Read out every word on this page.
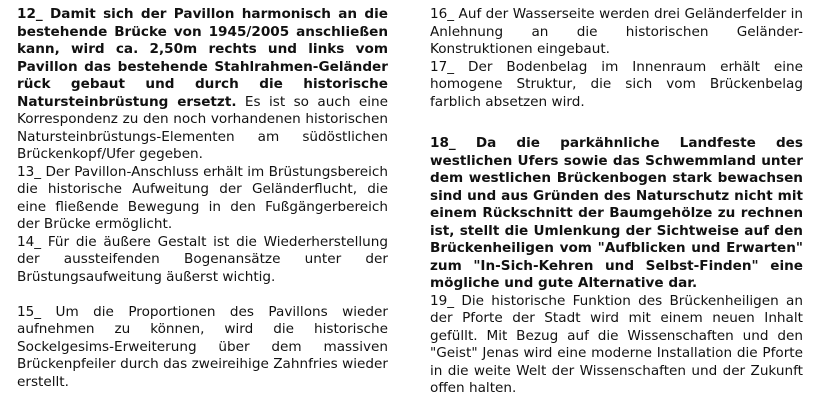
12_ Damit sich der Pavillon harmonisch an die bestehende Brücke von 1945/2005 anschließen kann, wird ca. 2,50m rechts und links vom Pavillon das bestehende Stahlrahmen-Geländer rück gebaut und durch die historische Natursteinbrüstung ersetzt. Es ist so auch eine Korrespondenz zu den noch vorhandenen historischen Natursteinbrüstungs-Elementen am südöstlichen Brückenkopf/Ufer gegeben.

13_ Der Pavillon-Anschluss erhält im Brüstungsbereich die historische Aufweitung der Geländerflucht, die eine fließende Bewegung in den Fußgängerbereich der Brücke ermöglicht.

14_ Für die äußere Gestalt ist die Wiederherstellung der aussteifenden Bogenansätze unter der Brüstungsaufweitung äußerst wichtig.

15_ Um die Proportionen des Pavillons wieder aufnehmen zu können, wird die historische Sockelgesims-Erweiterung über dem massiven Brückenpfeiler durch das zweireihige Zahnfries wieder erstellt.

16_ Auf der Wasserseite werden drei Geländerfelder in Anlehnung an die historischen Geländer-Konstruktionen eingebaut.

17_ Der Bodenbelag im Innenraum erhält eine homogene Struktur, die sich vom Brückenbelag farblich absetzen wird.

18_ Da die parkähnliche Landfeste des westlichen Ufers sowie das Schwemmland unter dem westlichen Brückenbogen stark bewachsen sind und aus Gründen des Naturschutz nicht mit einem Rückschnitt der Baumgehölze zu rechnen ist, stellt die Umlenkung der Sichtweise auf den Brückenheiligen vom "Aufblicken und Erwarten" zum "In-Sich-Kehren und Selbst-Finden" eine mögliche und gute Alternative dar.

19_ Die historische Funktion des Brückenheiligen an der Pforte der Stadt wird mit einem neuen Inhalt gefüllt. Mit Bezug auf die Wissenschaften und den "Geist" Jenas wird eine moderne Installation die Pforte in die weite Welt der Wissenschaften und der Zukunft offen halten.
